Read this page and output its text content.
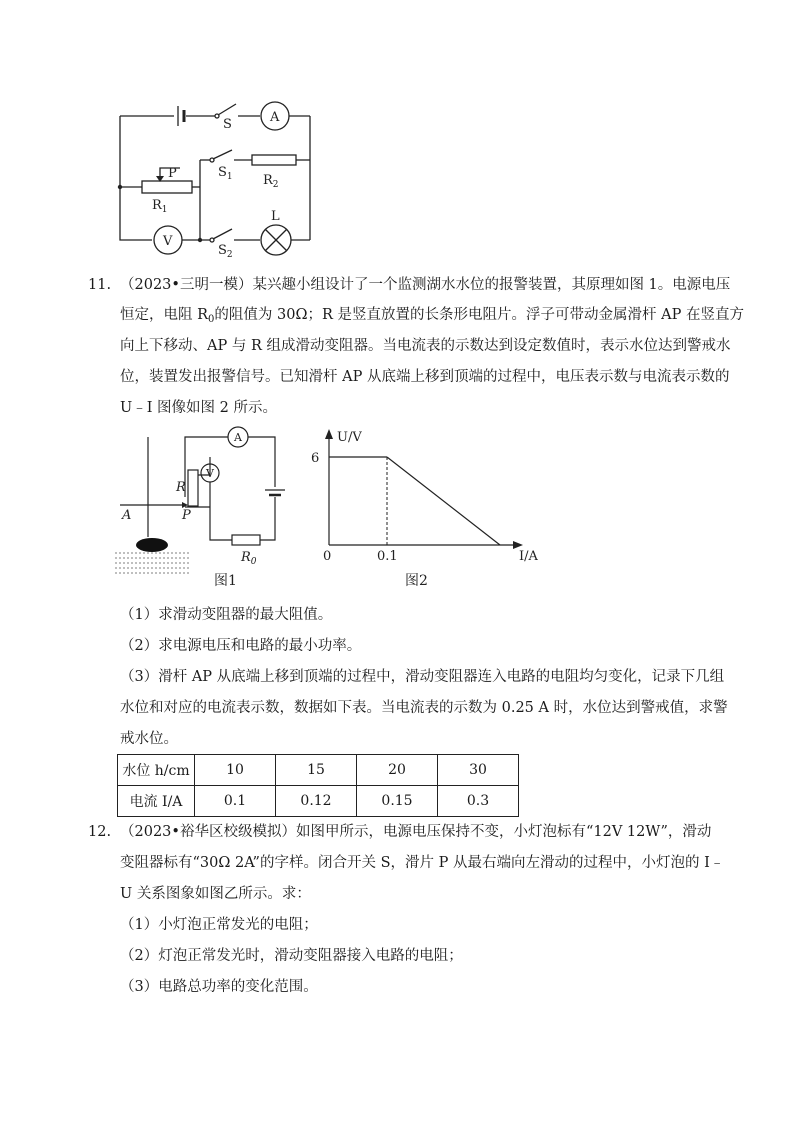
S	A
P	$S_1$ $R_2$
$R_1$	L
V
$S_2$
11. （2023•三明一模）某兴趣小组设计了一个监测湖水水位的报警装置，其原理如图 1。电源电压
恒定，电阻 $R_0$的阻值为 30Ω；R 是竖直放置的长条形电阻片。浮子可带动金属滑杆 AP 在竖直方
向上下移动、AP 与 R 组成滑动变阻器。当电流表的示数达到设定数值时，表示水位达到警戒水
位，装置发出报警信号。已知滑杆 AP 从底端上移到顶端的过程中，电压表示数与电流表示数的
U﹣I 图像如图 2 所示。
A
V
R
P
A
$R_0$
图1
U/V
6
0	0.1	I/A
图2
（1）求滑动变阻器的最大阻值。
（2）求电源电压和电路的最小功率。
（3）滑杆 AP 从底端上移到顶端的过程中，滑动变阻器连入电路的电阻均匀变化，记录下几组
水位和对应的电流表示数，数据如下表。当电流表的示数为 0.25 A 时，水位达到警戒值，求警
戒水位。
水位 h/cm	10	15	20	30
电流 I/A	0.1	0.12	0.15	0.3
12. （2023•裕华区校级模拟）如图甲所示，电源电压保持不变，小灯泡标有“12V 12W”，滑动
变阻器标有“30Ω 2A”的字样。闭合开关 S，滑片 P 从最右端向左滑动的过程中，小灯泡的 I﹣
U 关系图象如图乙所示。求：
（1）小灯泡正常发光的电阻；
（2）灯泡正常发光时，滑动变阻器接入电路的电阻；
（3）电路总功率的变化范围。
